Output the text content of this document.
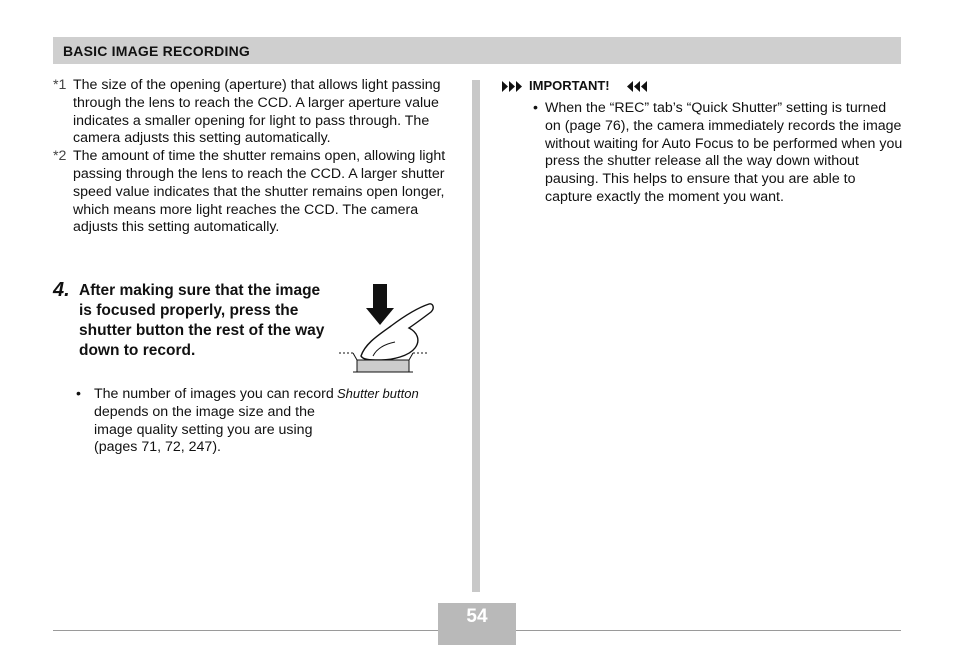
BASIC IMAGE RECORDING
*1 The size of the opening (aperture) that allows light passing through the lens to reach the CCD. A larger aperture value indicates a smaller opening for light to pass through. The camera adjusts this setting automatically.
*2 The amount of time the shutter remains open, allowing light passing through the lens to reach the CCD. A larger shutter speed value indicates that the shutter remains open longer, which means more light reaches the CCD. The camera adjusts this setting automatically.
4. After making sure that the image is focused properly, press the shutter button the rest of the way down to record.
• The number of images you can record depends on the image size and the image quality setting you are using
(pages 71, 72, 247).
Shutter button
IMPORTANT!
• When the “REC” tab’s “Quick Shutter” setting is turned on (page 76), the camera immediately records the image without waiting for Auto Focus to be performed when you press the shutter release all the way down without pausing. This helps to ensure that you are able to capture exactly the moment you want.
54
